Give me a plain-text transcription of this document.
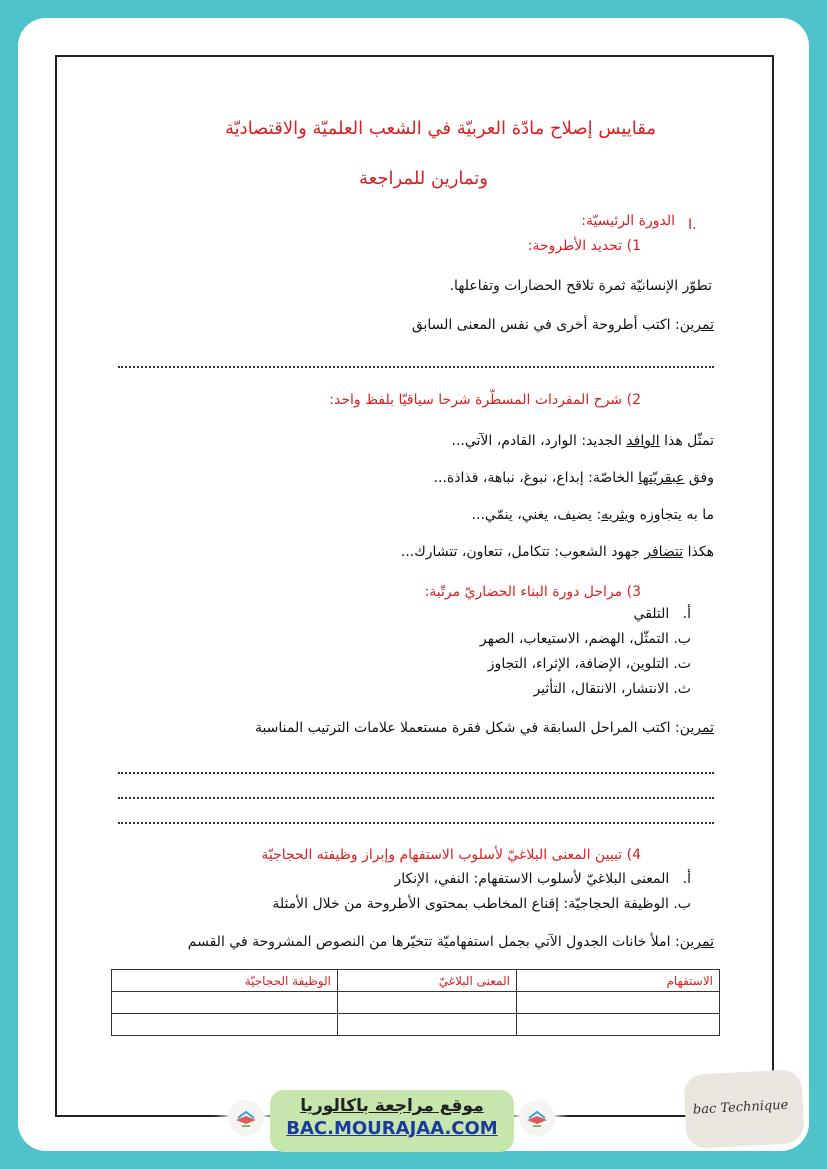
مقاييس إصلاح مادّة العربيّة في الشعب العلميّة والاقتصاديّة
وتمارين للمراجعة
I.
الدورة الرئيسيّة:
1) تحديد الأطروحة:
تطوّر الإنسانيّة ثمرة تلاقح الحضارات وتفاعلها.
تمرين: اكتب أطروحة أخرى في نفس المعنى السابق
2) شرح المفردات المسطّرة شرحا سياقيّا بلفظ واحد:
تمثّل هذا الوافد الجديد: الوارد، القادم، الآتي...
وفق عبقريّتها الخاصّة: إبداع، نبوغ، نباهة، فذاذة...
ما به يتجاوزه ويثريه: يضيف، يغني، ينمّي...
هكذا تتضافر جهود الشعوب: تتكامل، تتعاون، تتشارك...
3) مراحل دورة البناء الحضاريّ مرتّبة:
أ.   التلقي
ب. التمثّل، الهضم، الاستيعاب، الصهر
ت. التلوين، الإضافة، الإثراء، التجاوز
ث. الانتشار، الانتقال، التأثير
تمرين: اكتب المراحل السابقة في شكل فقرة مستعملا علامات الترتيب المناسبة
4) تبيين المعنى البلاغيّ لأسلوب الاستفهام وإبراز وظيفته الحجاجيّة
أ.   المعنى البلاغيّ لأسلوب الاستفهام: النفي، الإنكار
ب. الوظيفة الحجاجيّة: إقناع المخاطب بمحتوى الأطروحة من خلال الأمثلة
تمرين: املأ خانات الجدول الآتي بجمل استفهاميّة تتخيّرها من النصوص المشروحة في القسم
الاستفهام	المعنى البلاغيّ	الوظيفة الحجاجيّة

موقع مراجعة باكالوريا
BAC.MOURAJAA.COM
bac Technique
